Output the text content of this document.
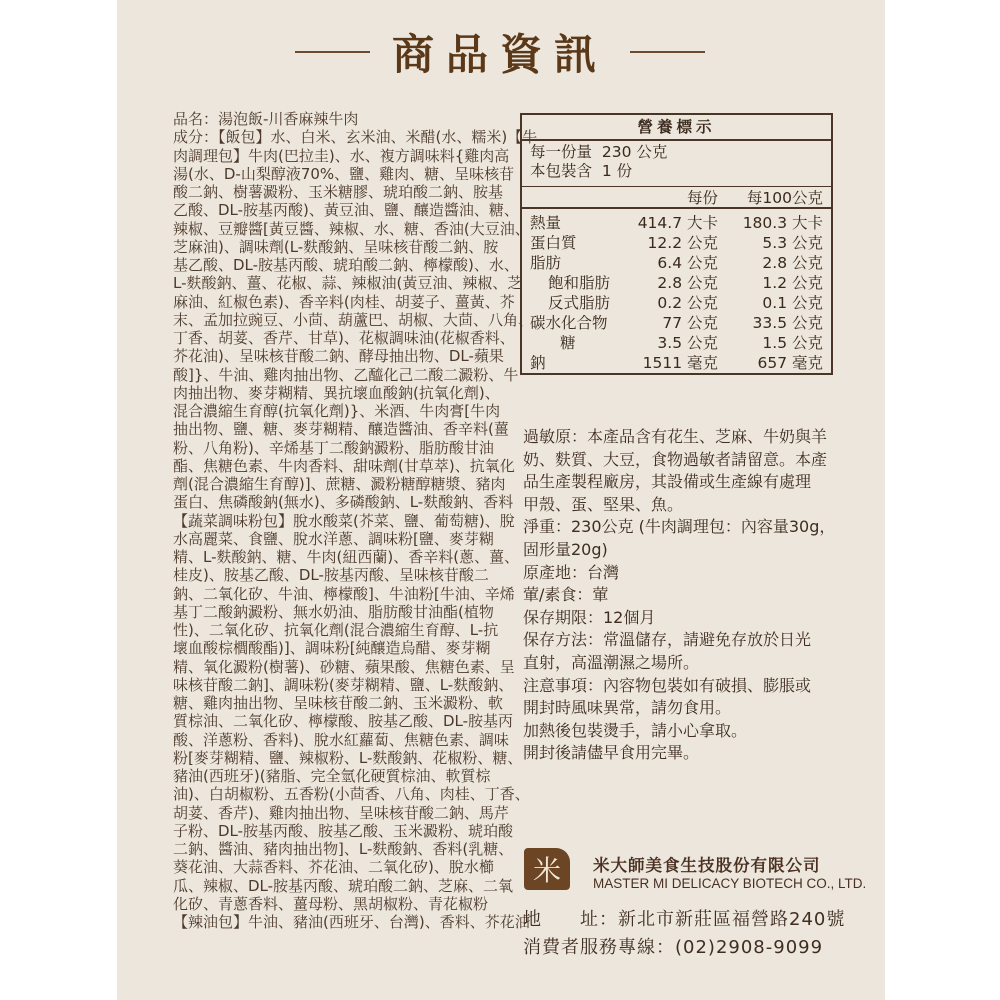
商品資訊
品名：湯泡飯-川香麻辣牛肉
成分：【飯包】水、白米、玄米油、米醋(水、糯米)【牛
肉調理包】牛肉(巴拉圭)、水、複方調味料{雞肉高
湯(水、D-山梨醇液70%、鹽、雞肉、糖、呈味核苷
酸二鈉、樹薯澱粉、玉米糖膠、琥珀酸二鈉、胺基
乙酸、DL-胺基丙酸)、黃豆油、鹽、釀造醬油、糖、
辣椒、豆瓣醬[黃豆醬、辣椒、水、糖、香油(大豆油、
芝麻油)、調味劑(L-麩酸鈉、呈味核苷酸二鈉、胺
基乙酸、DL-胺基丙酸、琥珀酸二鈉、檸檬酸)、水、
L-麩酸鈉、薑、花椒、蒜、辣椒油(黃豆油、辣椒、芝
麻油、紅椒色素)、香辛料(肉桂、胡荽子、薑黃、芥
末、孟加拉豌豆、小茴、葫蘆巴、胡椒、大茴、八角、
丁香、胡荽、香芹、甘草)、花椒調味油(花椒香料、
芥花油)、呈味核苷酸二鈉、酵母抽出物、DL-蘋果
酸]}、牛油、雞肉抽出物、乙醯化己二酸二澱粉、牛
肉抽出物、麥芽糊精、異抗壞血酸鈉(抗氧化劑)、
混合濃縮生育醇(抗氧化劑)}、米酒、牛肉膏[牛肉
抽出物、鹽、糖、麥芽糊精、釀造醬油、香辛料(薑
粉、八角粉)、辛烯基丁二酸鈉澱粉、脂肪酸甘油
酯、焦糖色素、牛肉香料、甜味劑(甘草萃)、抗氧化
劑(混合濃縮生育醇)]、蔗糖、澱粉糖醇糖漿、豬肉
蛋白、焦磷酸鈉(無水)、多磷酸鈉、L-麩酸鈉、香料
【蔬菜調味粉包】脫水酸菜(芥菜、鹽、葡萄糖)、脫
水高麗菜、食鹽、脫水洋蔥、調味粉[鹽、麥芽糊
精、L-麩酸鈉、糖、牛肉(紐西蘭)、香辛料(蔥、薑、
桂皮)、胺基乙酸、DL-胺基丙酸、呈味核苷酸二
鈉、二氧化矽、牛油、檸檬酸]、牛油粉[牛油、辛烯
基丁二酸鈉澱粉、無水奶油、脂肪酸甘油酯(植物
性)、二氧化矽、抗氧化劑(混合濃縮生育醇、L-抗
壞血酸棕櫚酸酯)]、調味粉[純釀造烏醋、麥芽糊
精、氧化澱粉(樹薯)、砂糖、蘋果酸、焦糖色素、呈
味核苷酸二鈉]、調味粉(麥芽糊精、鹽、L-麩酸鈉、
糖、雞肉抽出物、呈味核苷酸二鈉、玉米澱粉、軟
質棕油、二氧化矽、檸檬酸、胺基乙酸、DL-胺基丙
酸、洋蔥粉、香料)、脫水紅蘿蔔、焦糖色素、調味
粉[麥芽糊精、鹽、辣椒粉、L-麩酸鈉、花椒粉、糖、
豬油(西班牙)(豬脂、完全氫化硬質棕油、軟質棕
油)、白胡椒粉、五香粉(小茴香、八角、肉桂、丁香、
胡荽、香芹)、雞肉抽出物、呈味核苷酸二鈉、馬芹
子粉、DL-胺基丙酸、胺基乙酸、玉米澱粉、琥珀酸
二鈉、醬油、豬肉抽出物]、L-麩酸鈉、香料(乳糖、
葵花油、大蒜香料、芥花油、二氧化矽)、脫水櫛
瓜、辣椒、DL-胺基丙酸、琥珀酸二鈉、芝麻、二氧
化矽、青蔥香料、薑母粉、黑胡椒粉、青花椒粉
【辣油包】牛油、豬油(西班牙、台灣)、香料、芥花油
營養標示
每一份量 230 公克
本包裝含 1 份
每份	每100公克
熱量	414.7 大卡	180.3 大卡
蛋白質	12.2 公克	5.3 公克
脂肪	6.4 公克	2.8 公克
飽和脂肪	2.8 公克	1.2 公克
反式脂肪	0.2 公克	0.1 公克
碳水化合物	77 公克	33.5 公克
糖	3.5 公克	1.5 公克
鈉	1511 毫克	657 毫克
過敏原：本產品含有花生、芝麻、牛奶與羊
奶、麩質、大豆，食物過敏者請留意。本產
品生產製程廠房，其設備或生產線有處理
甲殼、蛋、堅果、魚。
淨重：230公克 (牛肉調理包：內容量30g，
固形量20g)
原產地：台灣
葷/素食：葷
保存期限：12個月
保存方法：常溫儲存，請避免存放於日光
直射，高溫潮濕之場所。
注意事項：內容物包裝如有破損、膨脹或
開封時風味異常，請勿食用。
加熱後包裝燙手，請小心拿取。
開封後請儘早食用完畢。
米	米大師美食生技股份有限公司
MASTER MI DELICACY BIOTECH CO., LTD.
地　　址：新北市新莊區福營路240號
消費者服務專線：(02)2908-9099
